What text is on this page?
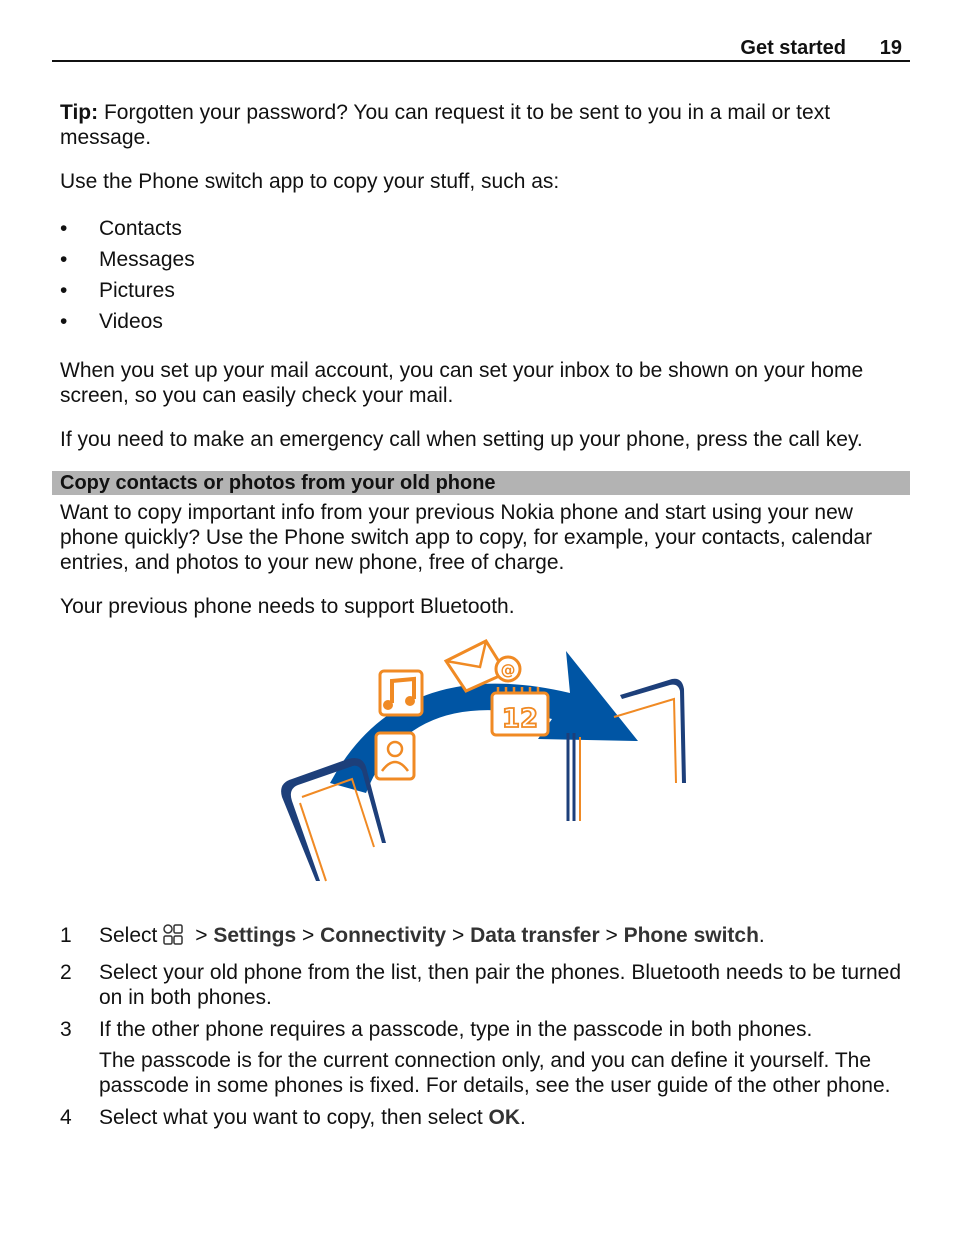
Get started 19

Tip: Forgotten your password? You can request it to be sent to you in a mail or text message.

Use the Phone switch app to copy your stuff, such as:

• Contacts
• Messages
• Pictures
• Videos

When you set up your mail account, you can set your inbox to be shown on your home screen, so you can easily check your mail.

If you need to make an emergency call when setting up your phone, press the call key.

Copy contacts or photos from your old phone

Want to copy important info from your previous Nokia phone and start using your new phone quickly? Use the Phone switch app to copy, for example, your contacts, calendar entries, and photos to your new phone, free of charge.

Your previous phone needs to support Bluetooth.

@
12
1 Select > Settings > Connectivity > Data transfer > Phone switch.
2 Select your old phone from the list, then pair the phones. Bluetooth needs to be turned on in both phones.
3 If the other phone requires a passcode, type in the passcode in both phones.
The passcode is for the current connection only, and you can define it yourself. The passcode in some phones is fixed. For details, see the user guide of the other phone.
4 Select what you want to copy, then select OK.
